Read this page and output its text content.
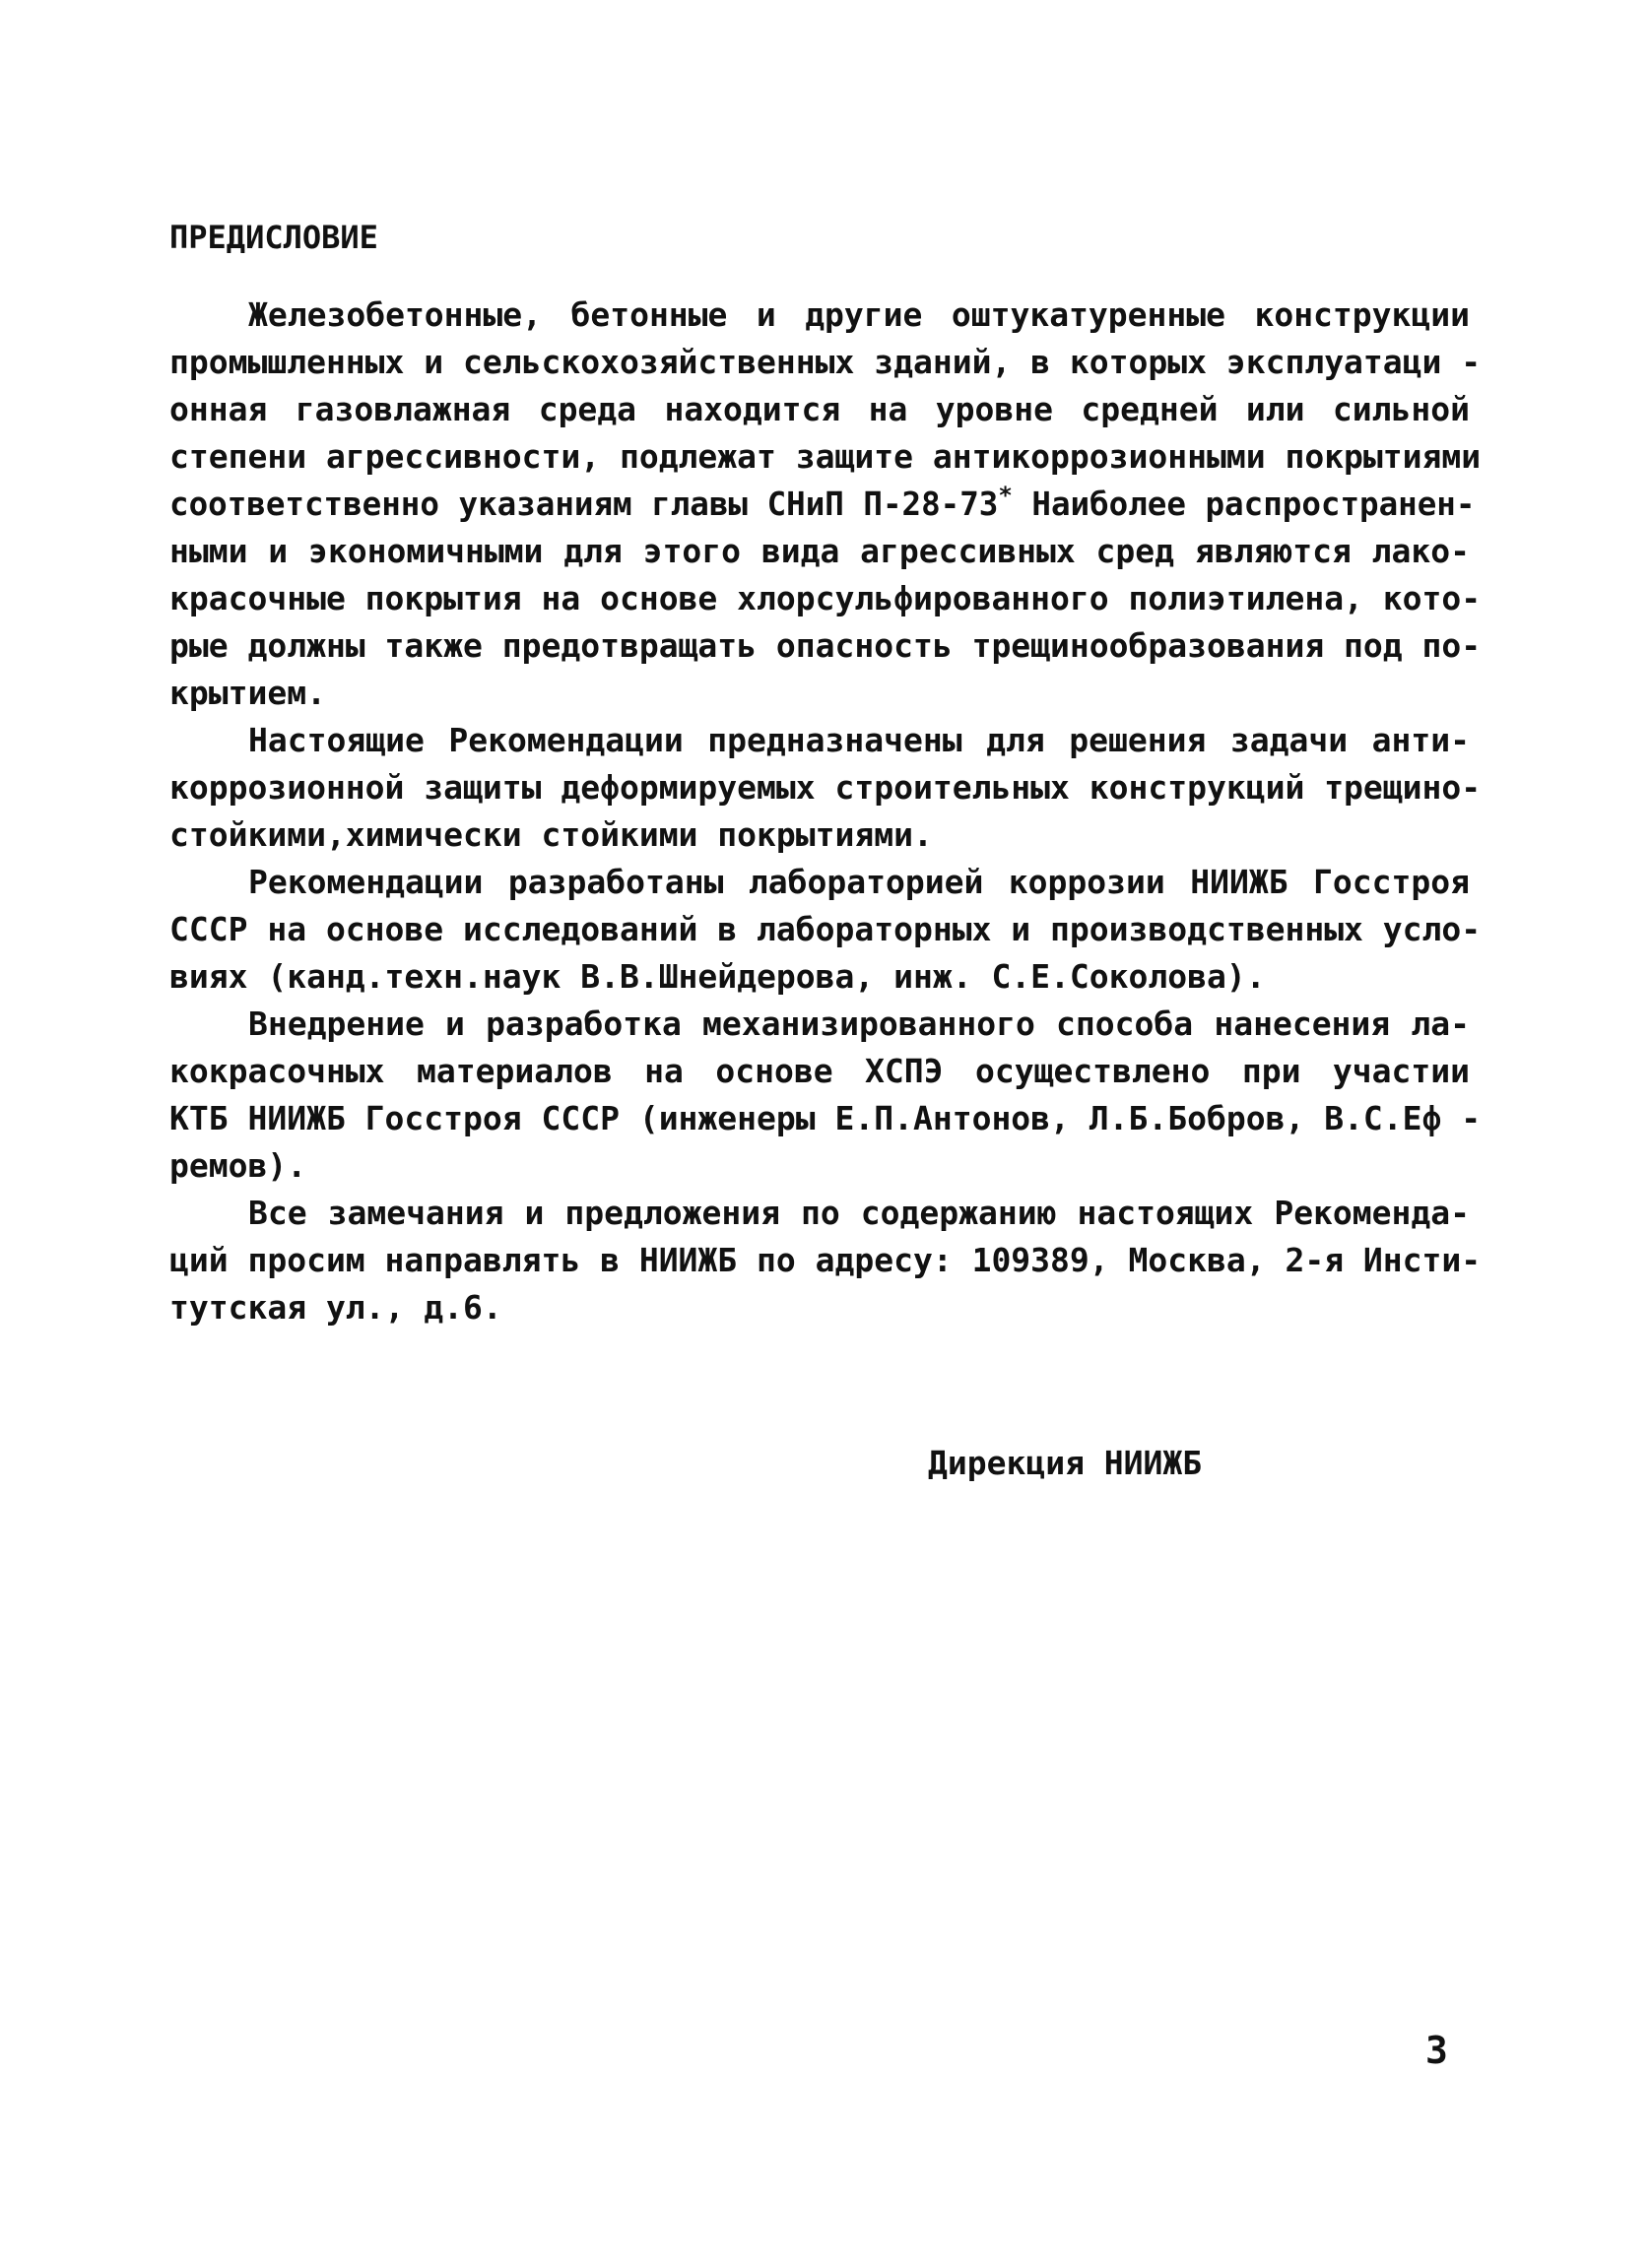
ПРЕДИСЛОВИЕ
Железобетонные, бетонные и другие оштукатуренные конструкции
промышленных и сельскохозяйственных зданий, в которых эксплуатаци -
онная газовлажная среда находится на уровне средней или сильной
степени агрессивности, подлежат защите антикоррозионными покрытиями
соответственно указаниям главы СНиП П-28-73* Наиболее распространен-
ными и экономичными для этого вида агрессивных сред являются лако-
красочные покрытия на основе хлорсульфированного полиэтилена, кото-
рые должны также предотвращать опасность трещинообразования под по-
крытием.
Настоящие Рекомендации предназначены для решения задачи анти-
коррозионной защиты деформируемых строительных конструкций трещино-
стойкими,химически стойкими покрытиями.
Рекомендации разработаны лабораторией коррозии НИИЖБ Госстроя
СССР на основе исследований в лабораторных и производственных усло-
виях (канд.техн.наук В.В.Шнейдерова, инж. С.Е.Соколова).
Внедрение и разработка механизированного способа нанесения ла-
кокрасочных материалов на основе ХСПЭ осуществлено при участии
КТБ НИИЖБ Госстроя СССР (инженеры Е.П.Антонов, Л.Б.Бобров, В.С.Еф -
ремов).
Все замечания и предложения по содержанию настоящих Рекоменда-
ций просим направлять в НИИЖБ по адресу: 109389, Москва, 2-я Инсти-
тутская ул., д.6.
Дирекция НИИЖБ
3
